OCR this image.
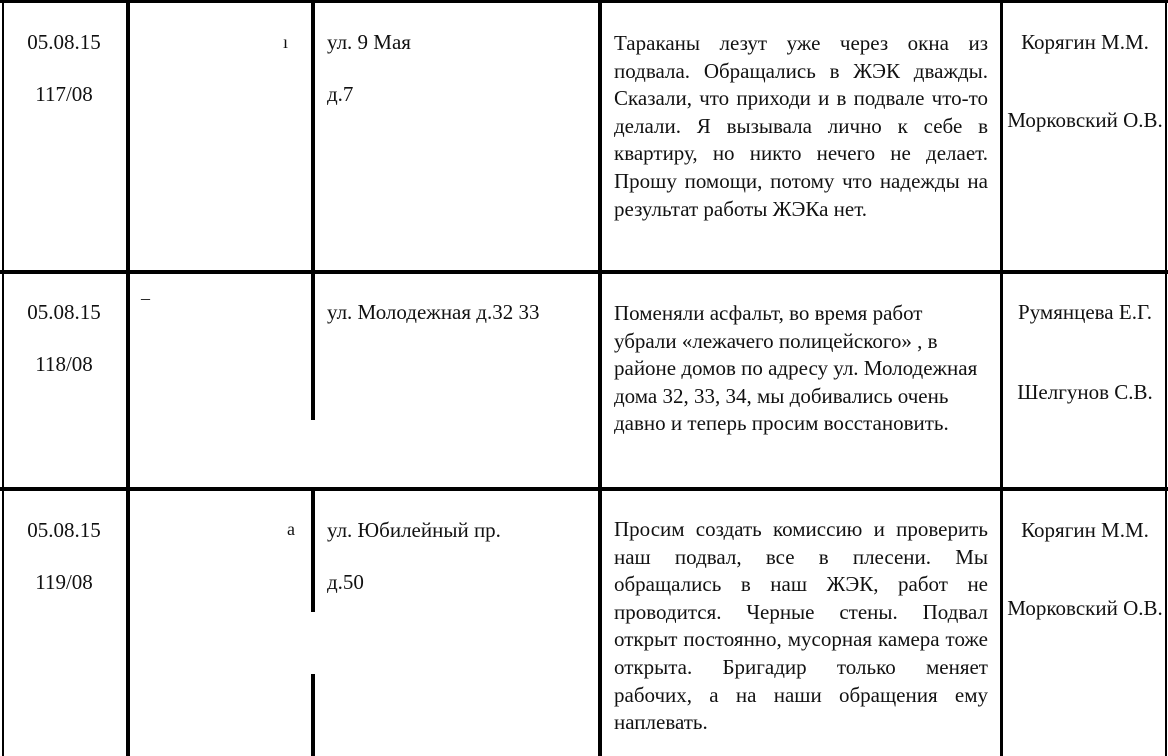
05.08.15
117/08
ı ул. 9 Мая
д.7
Тараканы лезут уже через окна из подвала. Обращались в ЖЭК дважды. Сказали, что приходи и в подвале что-то делали. Я вызывала лично к себе в квартиру, но никто нечего не делает. Прошу помощи, потому что надежды на результат работы ЖЭКа нет.
Корягин М.М.
Морковский О.В.
05.08.15
118/08
–
ул. Молодежная д.32 33	Поменяли асфальт, во время работ убрали «лежачего полицейского» , в районе домов по адресу ул. Молодежная дома 32, 33, 34, мы добивались очень давно и теперь просим восстановить.
Румянцева Е.Г.
Шелгунов С.В.
05.08.15
119/08
а ул. Юбилейный пр.
д.50
Просим создать комиссию и проверить наш подвал, все в плесени. Мы обращались в наш ЖЭК, работ не проводится. Черные стены. Подвал открыт постоянно, мусорная камера тоже открыта. Бригадир только меняет рабочих, а на наши обращения ему наплевать.
Корягин М.М.
Морковский О.В.
